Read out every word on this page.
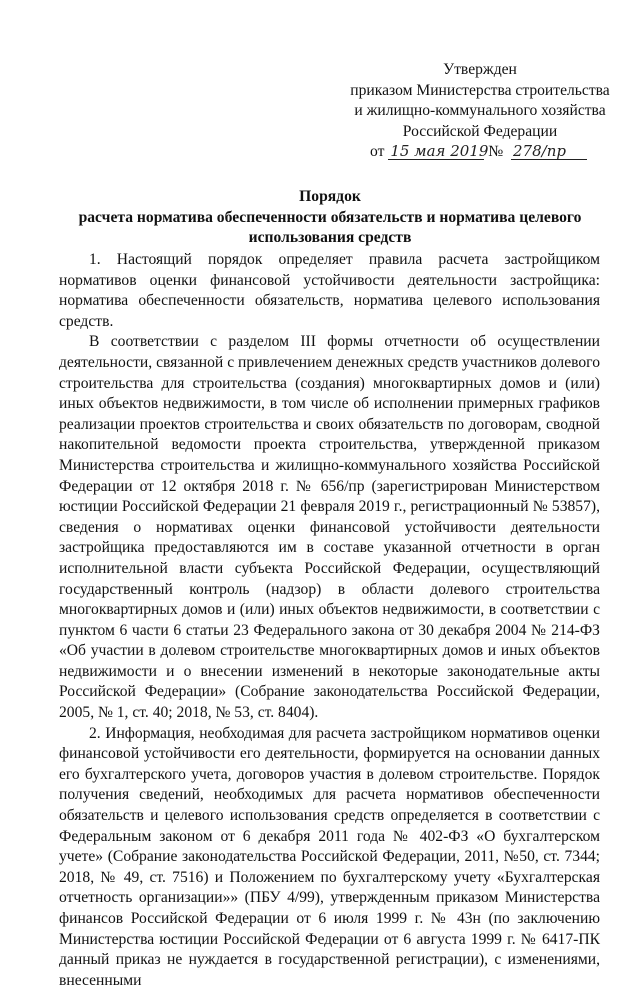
Утвержден
приказом Министерства строительства
и жилищно-коммунального хозяйства
Российской Федерации
от 15 мая 2019 № 278/пр
Порядок
расчета норматива обеспеченности обязательств и норматива целевого
использования средств

1. Настоящий порядок определяет правила расчета застройщиком нормативов оценки финансовой устойчивости деятельности застройщика: норматива обеспеченности обязательств, норматива целевого использования средств.

В соответствии с разделом III формы отчетности об осуществлении деятельности, связанной с привлечением денежных средств участников долевого строительства для строительства (создания) многоквартирных домов и (или) иных объектов недвижимости, в том числе об исполнении примерных графиков реализации проектов строительства и своих обязательств по договорам, сводной накопительной ведомости проекта строительства, утвержденной приказом Министерства строительства и жилищно-коммунального хозяйства Российской Федерации от 12 октября 2018 г. № 656/пр (зарегистрирован Министерством юстиции Российской Федерации 21 февраля 2019 г., регистрационный № 53857), сведения о нормативах оценки финансовой устойчивости деятельности застройщика предоставляются им в составе указанной отчетности в орган исполнительной власти субъекта Российской Федерации, осуществляющий государственный контроль (надзор) в области долевого строительства многоквартирных домов и (или) иных объектов недвижимости, в соответствии с пунктом 6 части 6 статьи 23 Федерального закона от 30 декабря 2004 № 214-ФЗ «Об участии в долевом строительстве многоквартирных домов и иных объектов недвижимости и о внесении изменений в некоторые законодательные акты Российской Федерации» (Собрание законодательства Российской Федерации, 2005, № 1, ст. 40; 2018, № 53, ст. 8404).

2. Информация, необходимая для расчета застройщиком нормативов оценки финансовой устойчивости его деятельности, формируется на основании данных его бухгалтерского учета, договоров участия в долевом строительстве. Порядок получения сведений, необходимых для расчета нормативов обеспеченности обязательств и целевого использования средств определяется в соответствии с Федеральным законом от 6 декабря 2011 года № 402-ФЗ «О бухгалтерском учете» (Собрание законодательства Российской Федерации, 2011, №50, ст. 7344; 2018, № 49, ст. 7516) и Положением по бухгалтерскому учету «Бухгалтерская отчетность организации»» (ПБУ 4/99), утвержденным приказом Министерства финансов Российской Федерации от 6 июля 1999 г. № 43н (по заключению Министерства юстиции Российской Федерации от 6 августа 1999 г. № 6417-ПК данный приказ не нуждается в государственной регистрации), с изменениями, внесенными
